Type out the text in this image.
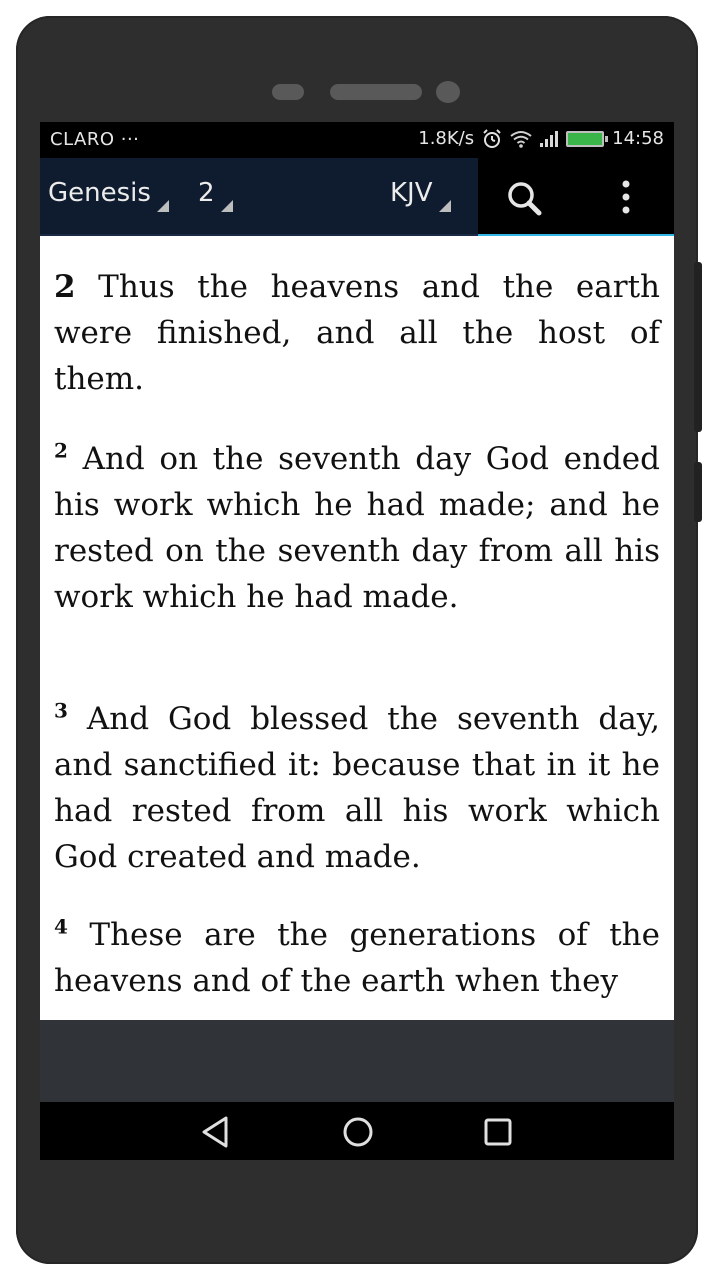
CLARO ···	1.8K/s	14:58
Genesis	2	KJV

2 Thus the heavens and the earth were finished, and all the host of them.

$^2$ And on the seventh day God ended his work which he had made; and he rested on the seventh day from all his work which he had made.

$^3$ And God blessed the seventh day, and sanctified it: because that in it he had rested from all his work which God created and made.

$^4$ These are the generations of the heavens and of the earth when they
